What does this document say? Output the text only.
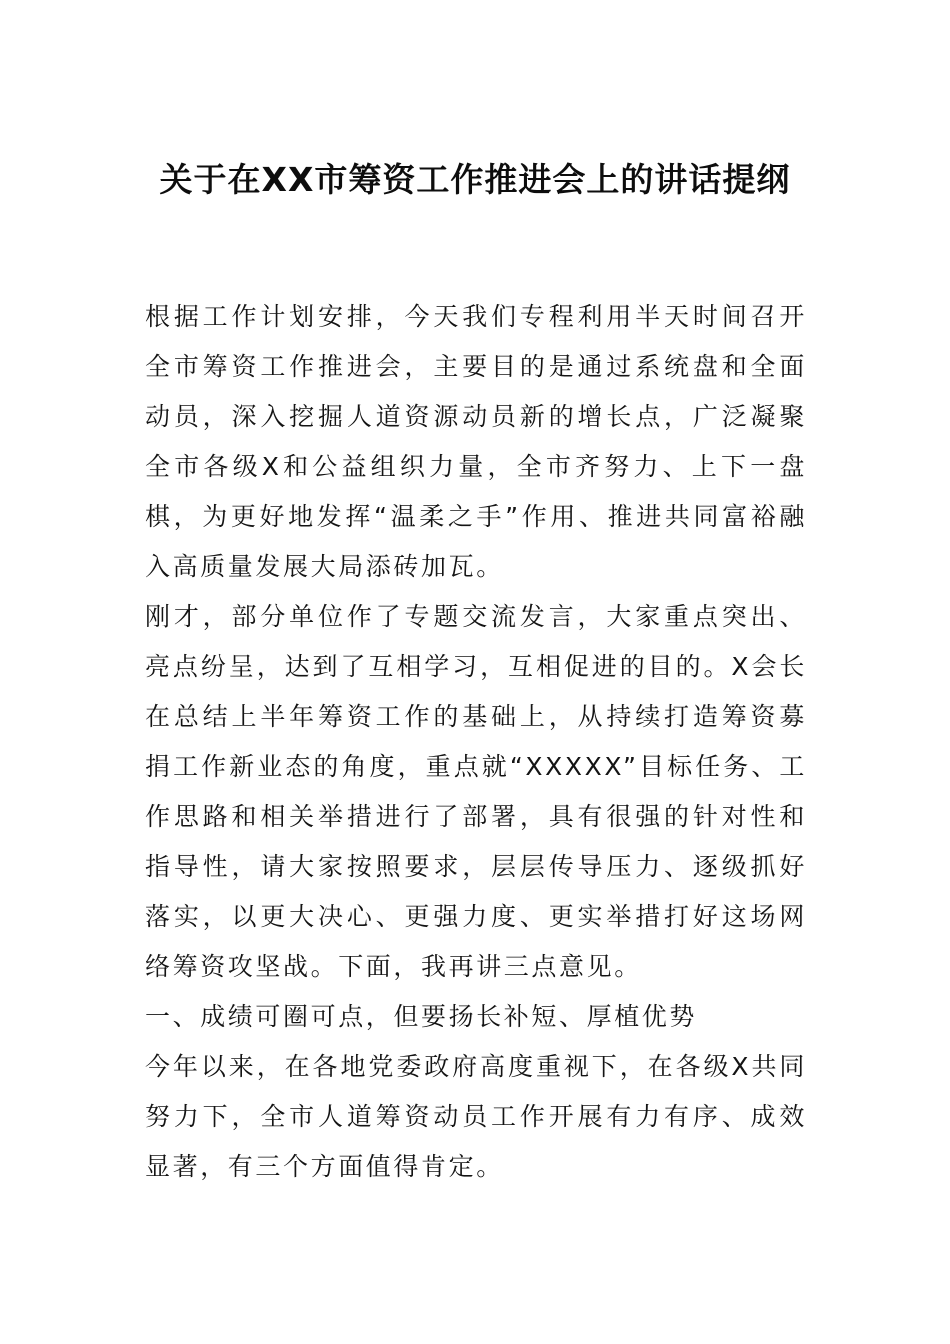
关于在XX市筹资工作推进会上的讲话提纲

根据工作计划安排，今天我们专程利用半天时间召开全市筹资工作推进会，主要目的是通过系统盘和全面动员，深入挖掘人道资源动员新的增长点，广泛凝聚全市各级X和公益组织力量，全市齐努力、上下一盘棋，为更好地发挥“温柔之手”作用、推进共同富裕融入高质量发展大局添砖加瓦。

刚才，部分单位作了专题交流发言，大家重点突出、亮点纷呈，达到了互相学习，互相促进的目的。X会长在总结上半年筹资工作的基础上，从持续打造筹资募捐工作新业态的角度，重点就“XXXXX”目标任务、工作思路和相关举措进行了部署，具有很强的针对性和指导性，请大家按照要求，层层传导压力、逐级抓好落实，以更大决心、更强力度、更实举措打好这场网络筹资攻坚战。下面，我再讲三点意见。

一、成绩可圈可点，但要扬长补短、厚植优势

今年以来，在各地党委政府高度重视下，在各级X共同努力下，全市人道筹资动员工作开展有力有序、成效显著，有三个方面值得肯定。
